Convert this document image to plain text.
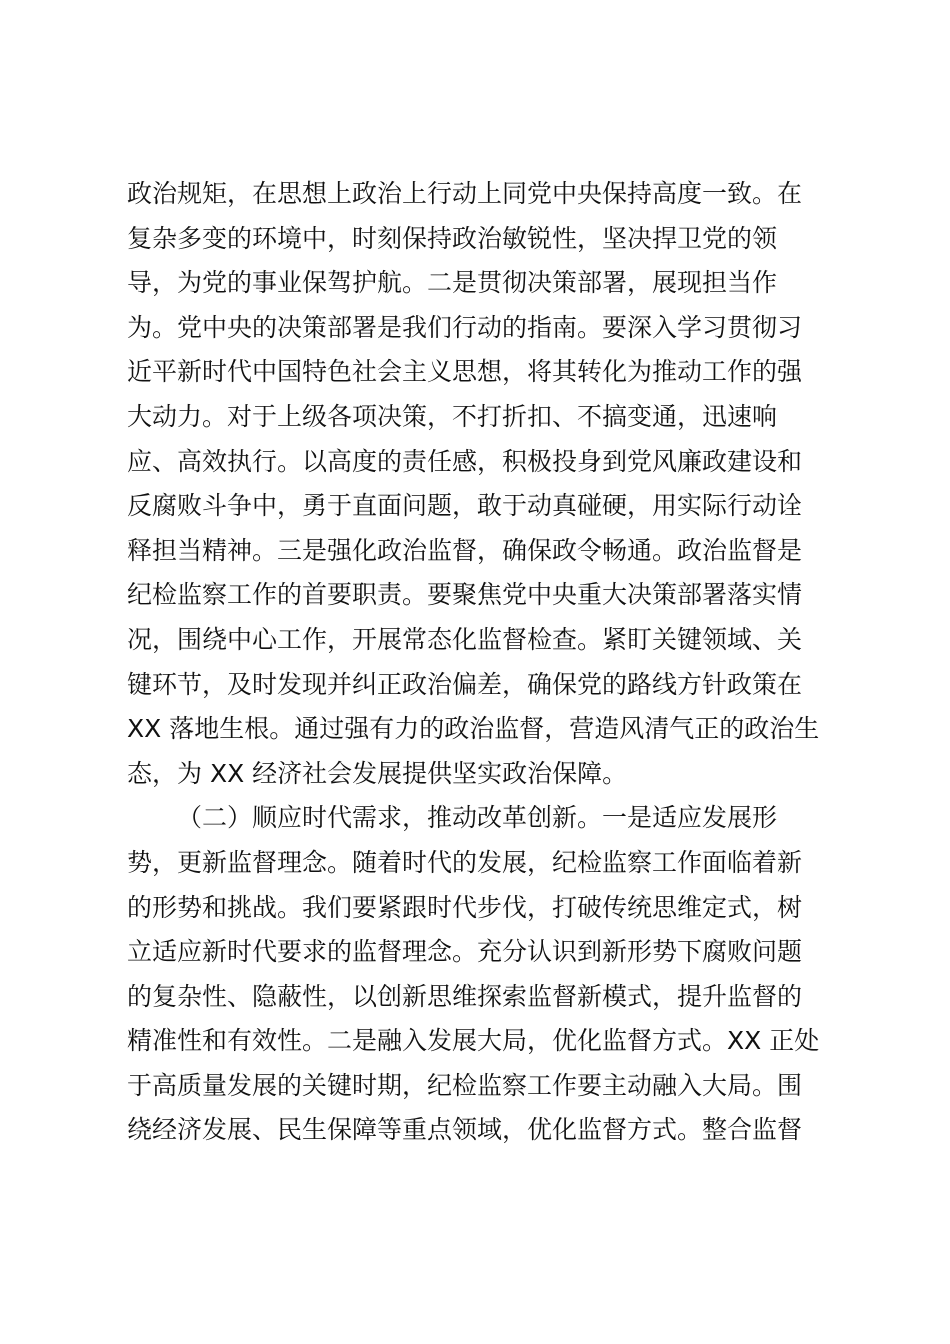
政治规矩，在思想上政治上行动上同党中央保持高度一致。在
复杂多变的环境中，时刻保持政治敏锐性，坚决捍卫党的领
导，为党的事业保驾护航。二是贯彻决策部署，展现担当作
为。党中央的决策部署是我们行动的指南。要深入学习贯彻习
近平新时代中国特色社会主义思想，将其转化为推动工作的强
大动力。对于上级各项决策，不打折扣、不搞变通，迅速响
应、高效执行。以高度的责任感，积极投身到党风廉政建设和
反腐败斗争中，勇于直面问题，敢于动真碰硬，用实际行动诠
释担当精神。三是强化政治监督，确保政令畅通。政治监督是
纪检监察工作的首要职责。要聚焦党中央重大决策部署落实情
况，围绕中心工作，开展常态化监督检查。紧盯关键领域、关
键环节，及时发现并纠正政治偏差，确保党的路线方针政策在
XX 落地生根。通过强有力的政治监督，营造风清气正的政治生
态，为 XX 经济社会发展提供坚实政治保障。
（二）顺应时代需求，推动改革创新。一是适应发展形
势，更新监督理念。随着时代的发展，纪检监察工作面临着新
的形势和挑战。我们要紧跟时代步伐，打破传统思维定式，树
立适应新时代要求的监督理念。充分认识到新形势下腐败问题
的复杂性、隐蔽性，以创新思维探索监督新模式，提升监督的
精准性和有效性。二是融入发展大局，优化监督方式。XX 正处
于高质量发展的关键时期，纪检监察工作要主动融入大局。围
绕经济发展、民生保障等重点领域，优化监督方式。整合监督
